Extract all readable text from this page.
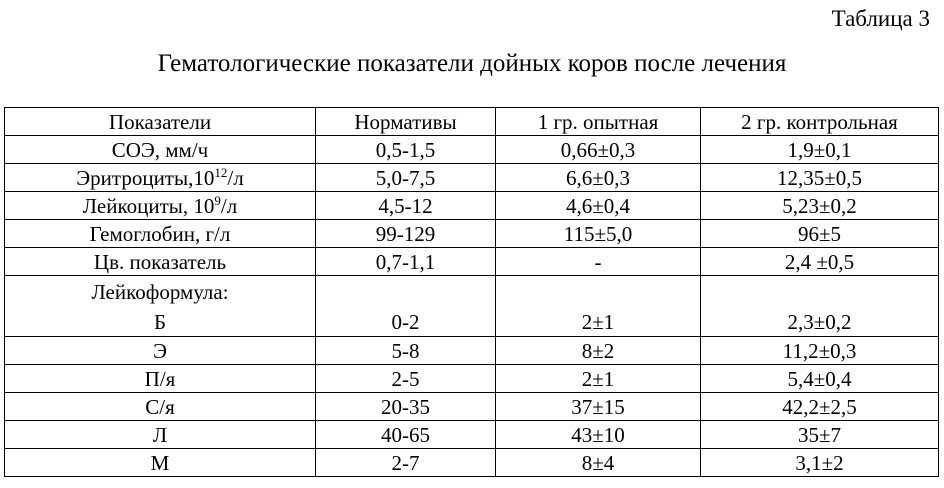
Таблица 3
Гематологические показатели дойных коров после лечения
Показатели	Нормативы	1 гр. опытная	2 гр. контрольная
СОЭ, мм/ч	0,5-1,5	0,66±0,3	1,9±0,1
$Эритроциты,10^{12}/л$	5,0-7,5	6,6±0,3	12,35±0,5
Лейкоциты, $10^9/л$	4,5-12	4,6±0,4	5,23±0,2
Гемоглобин, г/л	99-129	115±5,0	96±5
Цв. показатель	0,7-1,1	-	2,4 ±0,5
Лейкоформула:			
Б	0-2	2±1	2,3±0,2
Э	5-8	8±2	11,2±0,3
П/я	2-5	2±1	5,4±0,4
С/я	20-35	37±15	42,2±2,5
Л	40-65	43±10	35±7
М	2-7	8±4	3,1±2
